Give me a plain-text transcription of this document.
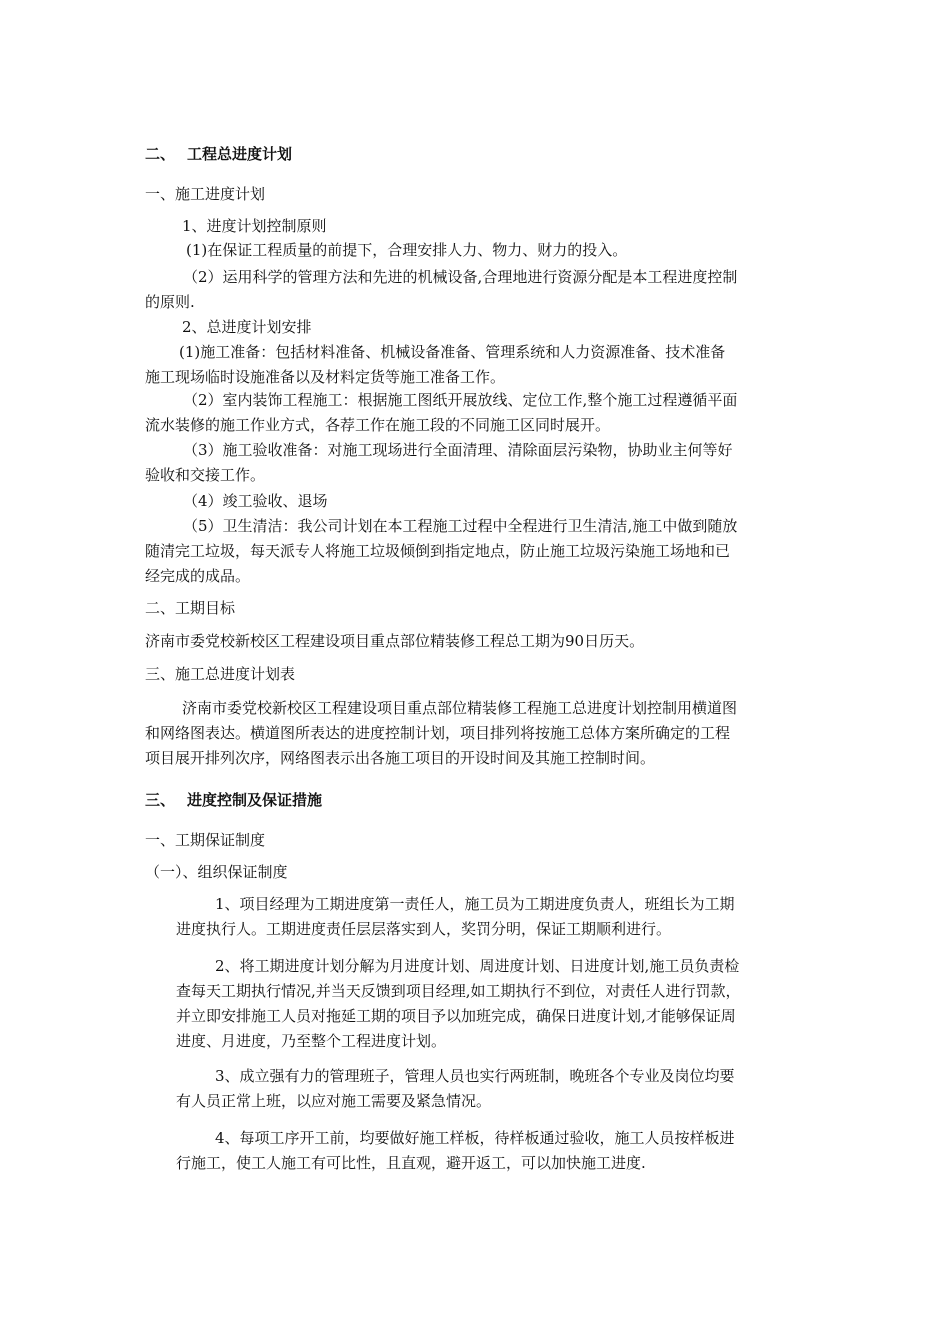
二、 工程总进度计划
一、施工进度计划
1、进度计划控制原则
(1)在保证工程质量的前提下，合理安排人力、物力、财力的投入。
（2）运用科学的管理方法和先进的机械设备,合理地进行资源分配是本工程进度控制
的原则.
2、总进度计划安排
(1)施工准备：包括材料准备、机械设备准备、管理系统和人力资源准备、技术准备
施工现场临时设施准备以及材料定货等施工准备工作。
（2）室内装饰工程施工：根据施工图纸开展放线、定位工作,整个施工过程遵循平面
流水装修的施工作业方式，各荐工作在施工段的不同施工区同时展开。
（3）施工验收准备：对施工现场进行全面清理、清除面层污染物，协助业主何等好
验收和交接工作。
（4）竣工验收、退场
（5）卫生清洁：我公司计划在本工程施工过程中全程进行卫生清洁,施工中做到随放
随清完工垃圾，每天派专人将施工垃圾倾倒到指定地点，防止施工垃圾污染施工场地和已
经完成的成品。
二、工期目标
济南市委党校新校区工程建设项目重点部位精装修工程总工期为90日历天。
三、施工总进度计划表
济南市委党校新校区工程建设项目重点部位精装修工程施工总进度计划控制用横道图
和网络图表达。横道图所表达的进度控制计划，项目排列将按施工总体方案所确定的工程
项目展开排列次序，网络图表示出各施工项目的开设时间及其施工控制时间。
三、 进度控制及保证措施
一、工期保证制度
（一）、组织保证制度
1、项目经理为工期进度第一责任人，施工员为工期进度负责人，班组长为工期
进度执行人。工期进度责任层层落实到人，奖罚分明，保证工期顺利进行。
2、将工期进度计划分解为月进度计划、周进度计划、日进度计划,施工员负责检
查每天工期执行情况,并当天反馈到项目经理,如工期执行不到位，对责任人进行罚款，
并立即安排施工人员对拖延工期的项目予以加班完成，确保日进度计划,才能够保证周
进度、月进度，乃至整个工程进度计划。
3、成立强有力的管理班子，管理人员也实行两班制，晚班各个专业及岗位均要
有人员正常上班，以应对施工需要及紧急情况。
4、每项工序开工前，均要做好施工样板，待样板通过验收，施工人员按样板进
行施工，使工人施工有可比性，且直观，避开返工，可以加快施工进度.
